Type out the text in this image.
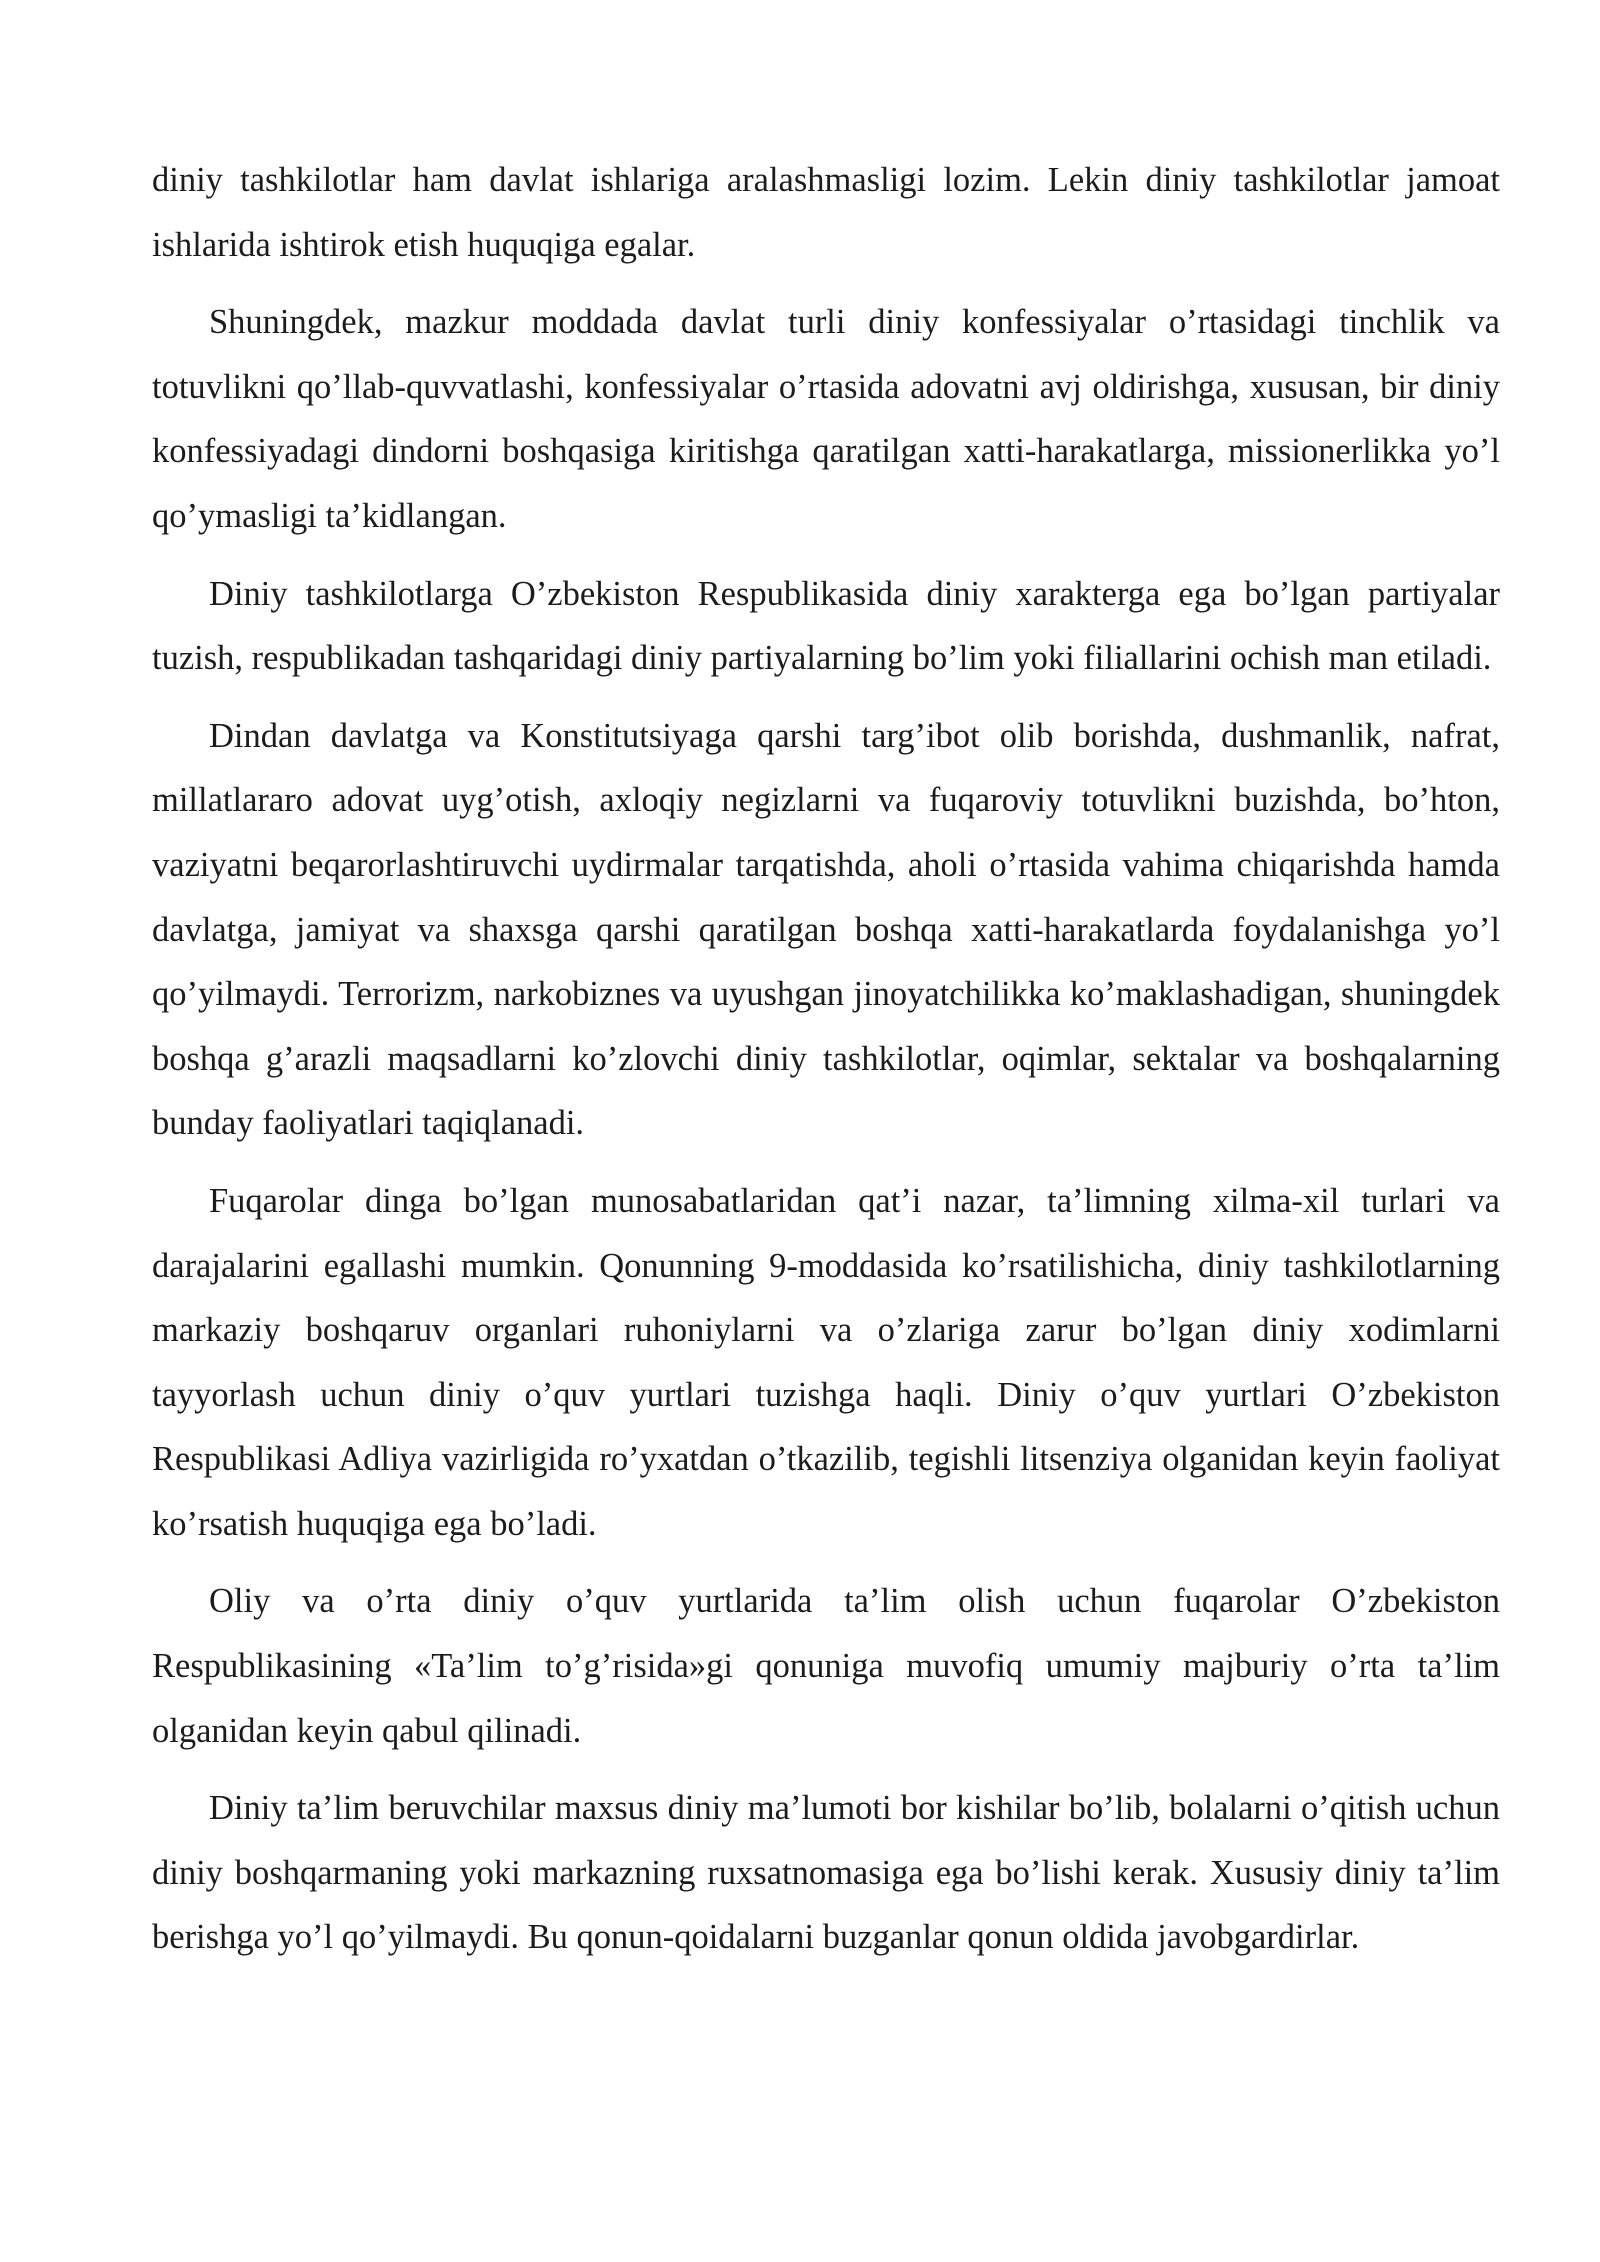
diniy tashkilotlar ham davlat ishlariga aralashmasligi lozim. Lekin diniy tashkilotlar jamoat ishlarida ishtirok etish huquqiga egalar.

Shuningdek, mazkur moddada davlat turli diniy konfessiyalar o’rtasidagi tinchlik va totuvlikni qo’llab-quvvatlashi, konfessiyalar o’rtasida adovatni avj oldirishga, xususan, bir diniy konfessiyadagi dindorni boshqasiga kiritishga qaratilgan xatti-harakatlarga, missionerlikka yo’l qo’ymasligi ta’kidlangan.

Diniy tashkilotlarga O’zbekiston Respublikasida diniy xarakterga ega bo’lgan partiyalar tuzish, respublikadan tashqaridagi diniy partiyalarning bo’lim yoki filiallarini ochish man etiladi.

Dindan davlatga va Konstitutsiyaga qarshi targ’ibot olib borishda, dushmanlik, nafrat, millatlararo adovat uyg’otish, axloqiy negizlarni va fuqaroviy totuvlikni buzishda, bo’hton, vaziyatni beqarorlashtiruvchi uydirmalar tarqatishda, aholi o’rtasida vahima chiqarishda hamda davlatga, jamiyat va shaxsga qarshi qaratilgan boshqa xatti-harakatlarda foydalanishga yo’l qo’yilmaydi. Terrorizm, narkobiznes va uyushgan jinoyatchilikka ko’maklashadigan, shuningdek boshqa g’arazli maqsadlarni ko’zlovchi diniy tashkilotlar, oqimlar, sektalar va boshqalarning bunday faoliyatlari taqiqlanadi.

Fuqarolar dinga bo’lgan munosabatlaridan qat’i nazar, ta’limning xilma-xil turlari va darajalarini egallashi mumkin. Qonunning 9-moddasida ko’rsatilishicha, diniy tashkilotlarning markaziy boshqaruv organlari ruhoniylarni va o’zlariga zarur bo’lgan diniy xodimlarni tayyorlash uchun diniy o’quv yurtlari tuzishga haqli. Diniy o’quv yurtlari O’zbekiston Respublikasi Adliya vazirligida ro’yxatdan o’tkazilib, tegishli litsenziya olganidan keyin faoliyat ko’rsatish huquqiga ega bo’ladi.

Oliy va o’rta diniy o’quv yurtlarida ta’lim olish uchun fuqarolar O’zbekiston Respublikasining «Ta’lim to’g’risida»gi qonuniga muvofiq umumiy majburiy o’rta ta’lim olganidan keyin qabul qilinadi.

Diniy ta’lim beruvchilar maxsus diniy ma’lumoti bor kishilar bo’lib, bolalarni o’qitish uchun diniy boshqarmaning yoki markazning ruxsatnomasiga ega bo’lishi kerak. Xususiy diniy ta’lim berishga yo’l qo’yilmaydi. Bu qonun-qoidalarni buzganlar qonun oldida javobgardirlar.
